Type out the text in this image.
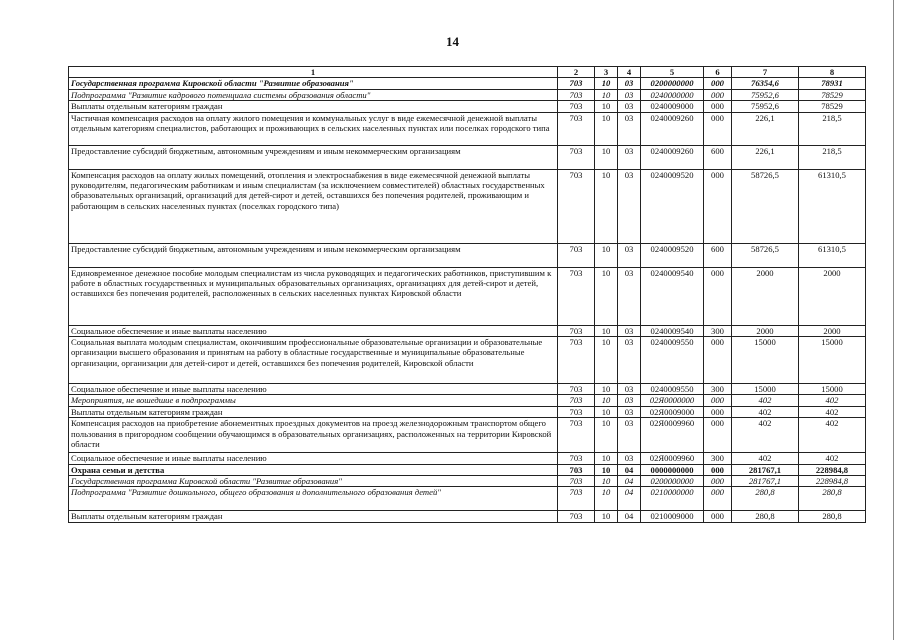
14
1	2	3	4	5	6	7	8
Государственная программа Кировской области "Развитие образования"	703	10	03	0200000000	000	76354,6	78931
Подпрограмма "Развитие кадрового потенциала системы образования области"	703	10	03	0240000000	000	75952,6	78529
Выплаты отдельным категориям граждан	703	10	03	0240009000	000	75952,6	78529
Частичная компенсация расходов на оплату жилого помещения и коммунальных услуг в виде ежемесячной денежной выплаты отдельным категориям специалистов, работающих и проживающих в сельских населенных пунктах или поселках городского типа	703	10	03	0240009260	000	226,1	218,5
Предоставление субсидий бюджетным, автономным учреждениям и иным некоммерческим организациям	703	10	03	0240009260	600	226,1	218,5
Компенсация расходов на оплату жилых помещений, отопления и электроснабжения в виде ежемесячной денежной выплаты руководителям, педагогическим работникам и иным специалистам (за исключением совместителей) областных государственных образовательных организаций, организаций для детей-сирот и детей, оставшихся без попечения родителей, проживающим и работающим в сельских населенных пунктах (поселках городского типа)	703	10	03	0240009520	000	58726,5	61310,5
Предоставление субсидий бюджетным, автономным учреждениям и иным некоммерческим организациям	703	10	03	0240009520	600	58726,5	61310,5
Единовременное денежное пособие молодым специалистам из числа руководящих и педагогических работников, приступившим к работе в областных государственных и муниципальных образовательных организациях, организациях для детей-сирот и детей, оставшихся без попечения родителей, расположенных в сельских населенных пунктах Кировской области	703	10	03	0240009540	000	2000	2000
Социальное обеспечение и иные выплаты населению	703	10	03	0240009540	300	2000	2000
Социальная выплата молодым специалистам, окончившим профессиональные образовательные организации и образовательные организации высшего образования и принятым на работу в областные государственные и муниципальные образовательные организации, организации для детей-сирот и детей, оставшихся без попечения родителей, Кировской области	703	10	03	0240009550	000	15000	15000
Социальное обеспечение и иные выплаты населению	703	10	03	0240009550	300	15000	15000
Мероприятия, не вошедшие в подпрограммы	703	10	03	02Я0000000	000	402	402
Выплаты отдельным категориям граждан	703	10	03	02Я0009000	000	402	402
Компенсация расходов на приобретение абонементных проездных документов на проезд железнодорожным транспортом общего пользования в пригородном сообщении обучающимся в образовательных организациях, расположенных на территории Кировской области	703	10	03	02Я0009960	000	402	402
Социальное обеспечение и иные выплаты населению	703	10	03	02Я0009960	300	402	402
Охрана семьи и детства	703	10	04	0000000000	000	281767,1	228984,8
Государственная программа Кировской области "Развитие образования"	703	10	04	0200000000	000	281767,1	228984,8
Подпрограмма "Развитие дошкольного, общего образования и дополнительного образования детей"	703	10	04	0210000000	000	280,8	280,8
Выплаты отдельным категориям граждан	703	10	04	0210009000	000	280,8	280,8
